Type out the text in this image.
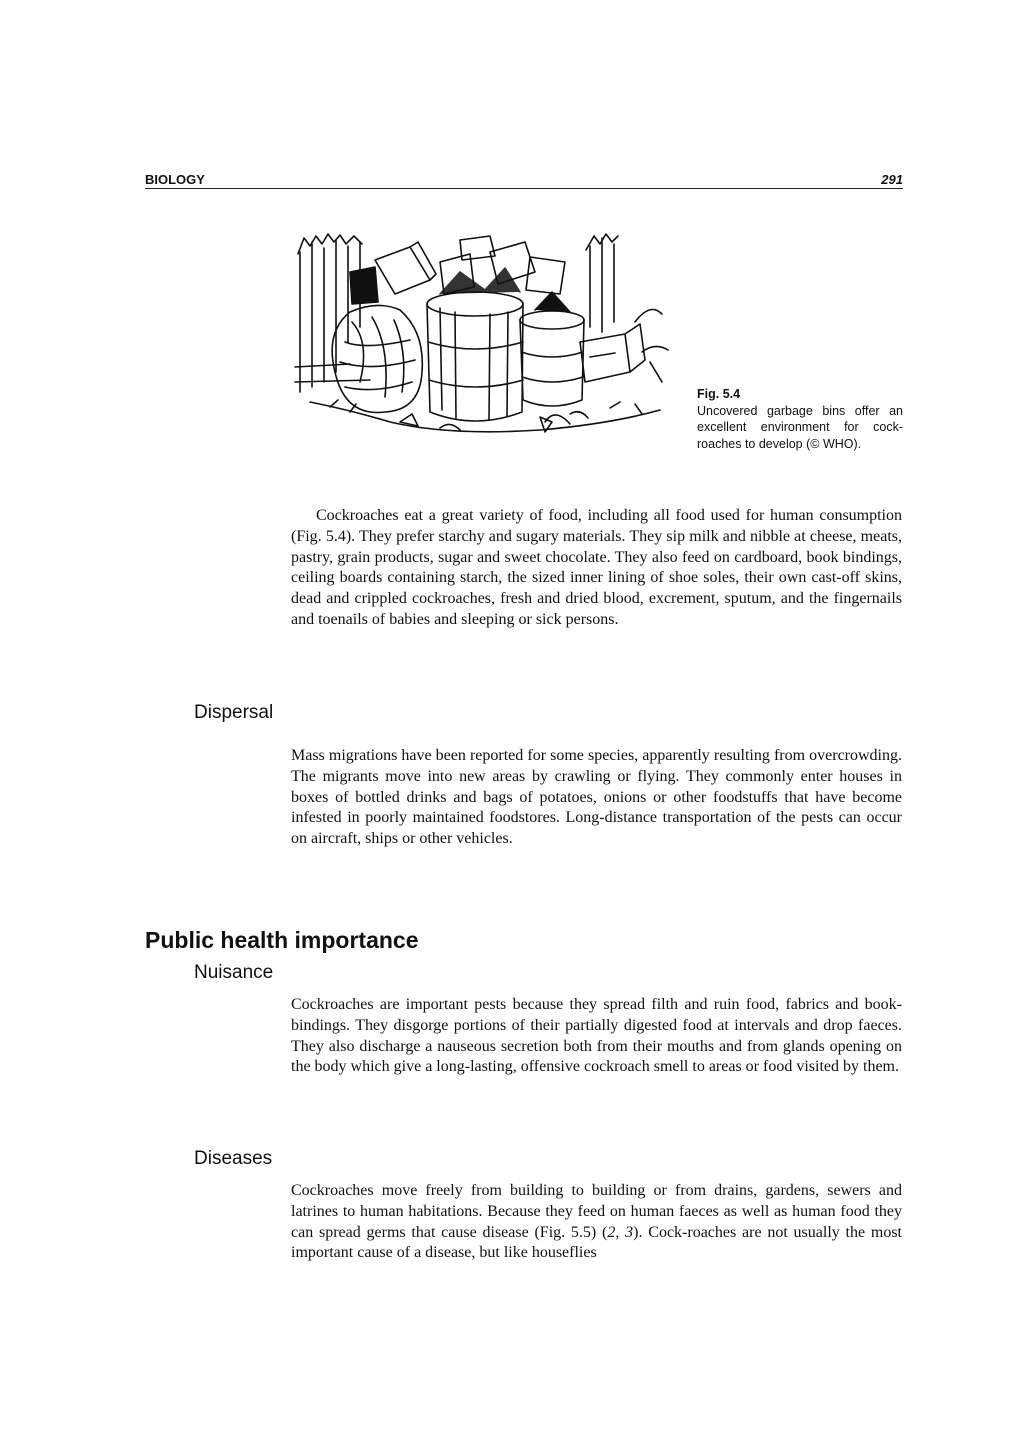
BIOLOGY	291
Fig. 5.4
Uncovered garbage bins offer an excellent environment for cock-roaches to develop (© WHO).

Cockroaches eat a great variety of food, including all food used for human consumption (Fig. 5.4). They prefer starchy and sugary materials. They sip milk and nibble at cheese, meats, pastry, grain products, sugar and sweet chocolate. They also feed on cardboard, book bindings, ceiling boards containing starch, the sized inner lining of shoe soles, their own cast-off skins, dead and crippled cockroaches, fresh and dried blood, excrement, sputum, and the fingernails and toenails of babies and sleeping or sick persons.

Dispersal

Mass migrations have been reported for some species, apparently resulting from overcrowding. The migrants move into new areas by crawling or flying. They commonly enter houses in boxes of bottled drinks and bags of potatoes, onions or other foodstuffs that have become infested in poorly maintained foodstores. Long-distance transportation of the pests can occur on aircraft, ships or other vehicles.

Public health importance
Nuisance

Cockroaches are important pests because they spread filth and ruin food, fabrics and book-bindings. They disgorge portions of their partially digested food at intervals and drop faeces. They also discharge a nauseous secretion both from their mouths and from glands opening on the body which give a long-lasting, offensive cockroach smell to areas or food visited by them.

Diseases

Cockroaches move freely from building to building or from drains, gardens, sewers and latrines to human habitations. Because they feed on human faeces as well as human food they can spread germs that cause disease (Fig. 5.5) (2, 3). Cock-roaches are not usually the most important cause of a disease, but like houseflies
